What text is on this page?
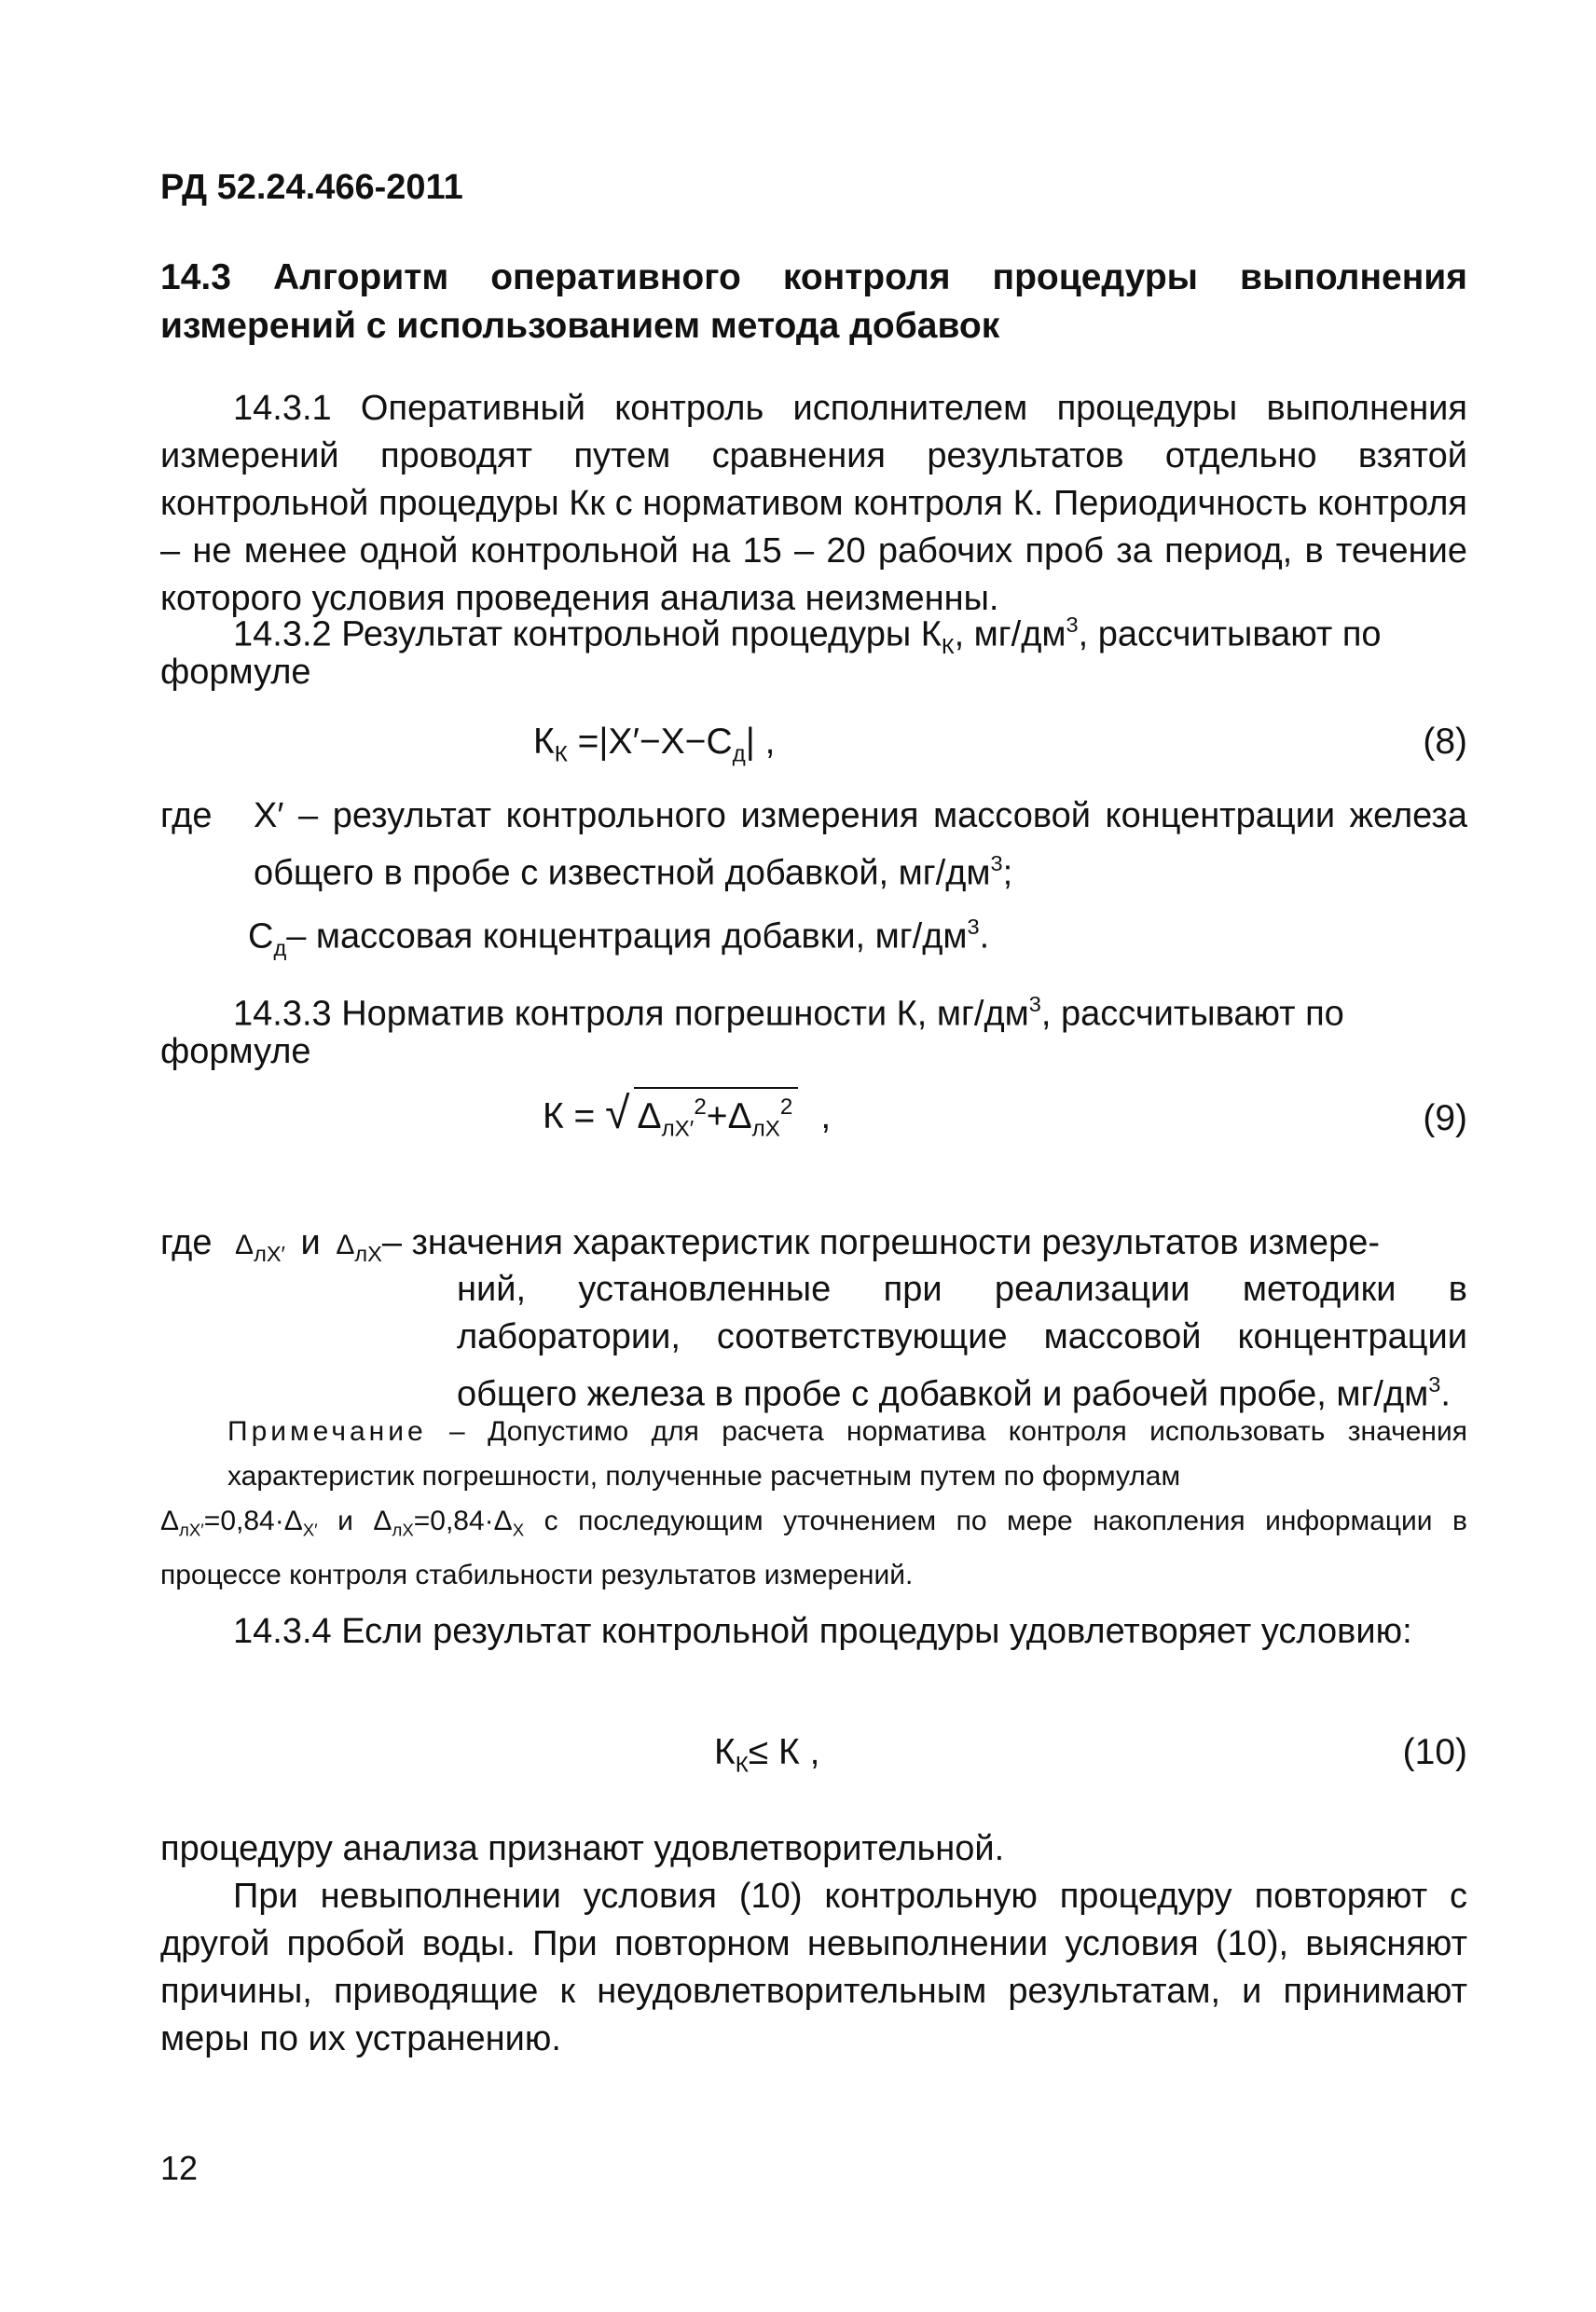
РД 52.24.466-2011
14.3 Алгоритм оперативного контроля процедуры выполнения измерений с использованием метода добавок
14.3.1 Оперативный контроль исполнителем процедуры выполнения измерений проводят путем сравнения результатов отдельно взятой контрольной процедуры Кк с нормативом контроля К. Периодичность контроля – не менее одной контрольной на 15 – 20 рабочих проб за период, в течение которого условия проведения анализа неизменны.
14.3.2 Результат контрольной процедуры $К_К$, $мг/дм^3$, рассчитывают по
формуле
$К_К =|X'-X-C_д|$ ,	(8)
где X′ – результат контрольного измерения массовой концентрации железа общего в пробе с известной добавкой, $мг/дм^3$;
$C_д-$ массовая концентрация добавки, $мг/дм^3$.
14.3.3 Норматив контроля погрешности К, $мг/дм^3$, рассчитывают по
формуле
К = √ $\Delta_{лX'}^2+\Delta_{лX}^2$ ,	(9)
где $\Delta_{лX'}$ и $\Delta_{лX}-$ значения характеристик погрешности результатов измере-
ний, установленные при реализации методики в лаборатории, соответствующие массовой концентрации общего железа в пробе с добавкой и рабочей пробе, $мг/дм^3$.
Примечание – Допустимо для расчета норматива контроля использовать значения характеристик погрешности, полученные расчетным путем по формулам
$\Delta_{лX'}=0,84\cdot\Delta_{X'}$ и $\Delta_{лX}=0,84\cdot\Delta_X$ с последующим уточнением по мере накопления информации в процессе контроля стабильности результатов измерений.
14.3.4 Если результат контрольной процедуры удовлетворяет условию:
$К_К\le К$ ,	(10)
процедуру анализа признают удовлетворительной.
При невыполнении условия (10) контрольную процедуру повторяют с другой пробой воды. При повторном невыполнении условия (10), выясняют причины, приводящие к неудовлетворительным результатам, и принимают меры по их устранению.
12
